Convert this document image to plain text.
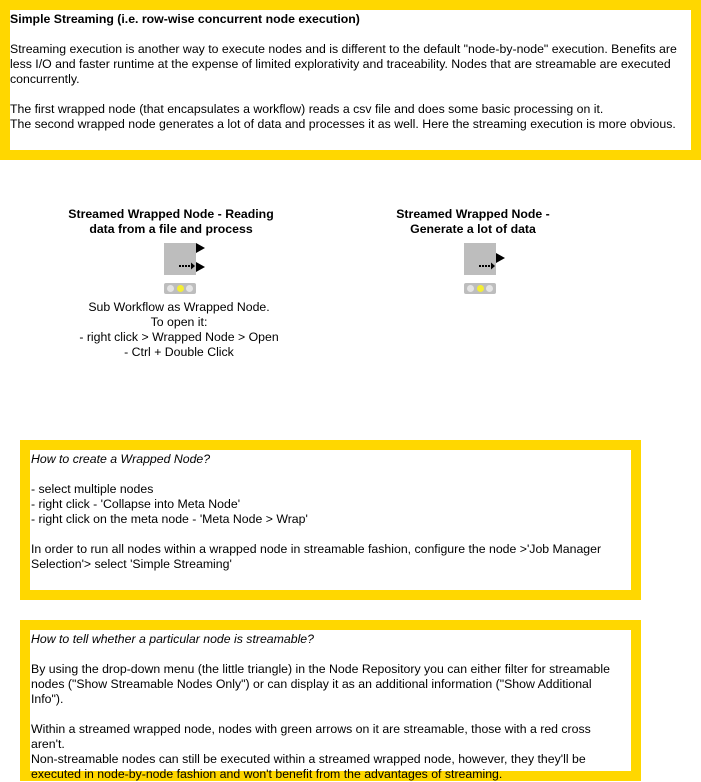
Simple Streaming (i.e. row-wise concurrent node execution)

Streaming execution is another way to execute nodes and is different to the default "node-by-node" execution. Benefits are less I/O and faster runtime at the expense of limited explorativity and traceability. Nodes that are streamable are executed concurrently.

The first wrapped node (that encapsulates a workflow) reads a csv file and does some basic processing on it.

The second wrapped node generates a lot of data and processes it as well. Here the streaming execution is more obvious.

Streamed Wrapped Node - Reading
data from a file and process
Sub Workflow as Wrapped Node.
To open it:
- right click > Wrapped Node > Open
- Ctrl + Double Click
Streamed Wrapped Node -
Generate a lot of data

How to create a Wrapped Node?

- select multiple nodes

- right click - 'Collapse into Meta Node'

- right click on the meta node - 'Meta Node > Wrap'

In order to run all nodes within a wrapped node in streamable fashion, configure the node >'Job Manager Selection'> select 'Simple Streaming'

How to tell whether a particular node is streamable?

By using the drop-down menu (the little triangle) in the Node Repository you can either filter for streamable nodes ("Show Streamable Nodes Only") or can display it as an additional information ("Show Additional Info").

Within a streamed wrapped node, nodes with green arrows on it are streamable, those with a red cross aren't.

Non-streamable nodes can still be executed within a streamed wrapped node, however, they they'll be executed in node-by-node fashion and won't benefit from the advantages of streaming.
